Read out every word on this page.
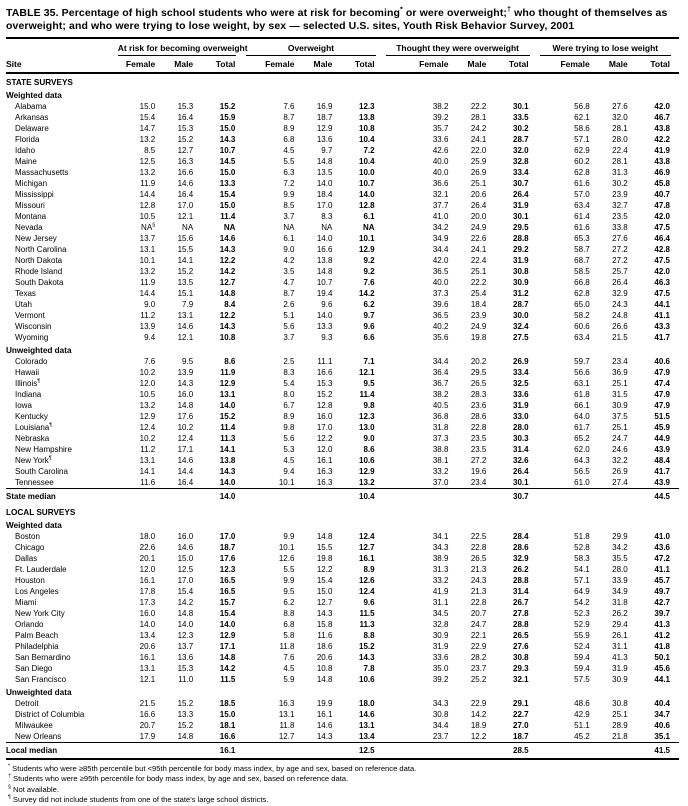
TABLE 35. Percentage of high school students who were at risk for becoming* or were overweight;† who thought of themselves as overweight; and who were trying to lose weight, by sex — selected U.S. sites, Youth Risk Behavior Survey, 2001

	At risk for becoming overweight			Overweight			Thought they were overweight			Were trying to lose weight		

Site	Female	Male	Total	Female	Male	Total	Female	Male	Total	Female	Male	Total
STATE SURVEYS												
Weighted data												
Alabama	15.0	15.3	15.2	7.6	16.9	12.3	38.2	22.2	30.1	56.8	27.6	42.0
Arkansas	15.4	16.4	15.9	8.7	18.7	13.8	39.2	28.1	33.5	62.1	32.0	46.7
Delaware	14.7	15.3	15.0	8.9	12.9	10.8	35.7	24.2	30.2	58.6	28.1	43.8
Florida	13.2	15.2	14.3	6.8	13.6	10.4	33.6	24.1	28.7	57.1	28.0	42.2
Idaho	8.5	12.7	10.7	4.5	9.7	7.2	42.6	22.0	32.0	62.9	22.4	41.9
Maine	12.5	16.3	14.5	5.5	14.8	10.4	40.0	25.9	32.8	60.2	28.1	43.8
Massachusetts	13.2	16.6	15.0	6.3	13.5	10.0	40.0	26.9	33.4	62.8	31.3	46.9
Michigan	11.9	14.6	13.3	7.2	14.0	10.7	36.6	25.1	30.7	61.6	30.2	45.8
Mississippi	14.4	16.4	15.4	9.9	18.4	14.0	32.1	20.6	26.4	57.0	23.9	40.7
Missouri	12.8	17.0	15.0	8.5	17.0	12.8	37.7	26.4	31.9	63.4	32.7	47.8
Montana	10.5	12.1	11.4	3.7	8.3	6.1	41.0	20.0	30.1	61.4	23.5	42.0
Nevada	NA§	NA	NA	NA	NA	NA	34.2	24.9	29.5	61.6	33.8	47.5
New Jersey	13.7	15.6	14.6	6.1	14.0	10.1	34.9	22.6	28.8	65.3	27.6	46.4
North Carolina	13.1	15.5	14.3	9.0	16.6	12.9	34.4	24.1	29.2	58.7	27.2	42.8
North Dakota	10.1	14.1	12.2	4.2	13.8	9.2	42.0	22.4	31.9	68.7	27.2	47.5
Rhode Island	13.2	15.2	14.2	3.5	14.8	9.2	36.5	25.1	30.8	58.5	25.7	42.0
South Dakota	11.9	13.5	12.7	4.7	10.7	7.6	40.0	22.2	30.9	66.8	26.4	46.3
Texas	14.4	15.1	14.8	8.7	19.4	14.2	37.3	25.4	31.2	62.8	32.9	47.5
Utah	9.0	7.9	8.4	2.6	9.6	6.2	39.6	18.4	28.7	65.0	24.3	44.1
Vermont	11.2	13.1	12.2	5.1	14.0	9.7	36.5	23.9	30.0	58.2	24.8	41.1
Wisconsin	13.9	14.6	14.3	5.6	13.3	9.6	40.2	24.9	32.4	60.6	26.6	43.3
Wyoming	9.4	12.1	10.8	3.7	9.3	6.6	35.6	19.8	27.5	63.4	21.5	41.7
Unweighted data												
Colorado	7.6	9.5	8.6	2.5	11.1	7.1	34.4	20.2	26.9	59.7	23.4	40.6
Hawaii	10.2	13.9	11.9	8.3	16.6	12.1	36.4	29.5	33.4	56.6	36.9	47.9
Illinois¶	12.0	14.3	12.9	5.4	15.3	9.5	36.7	26.5	32.5	63.1	25.1	47.4
Indiana	10.5	16.0	13.1	8.0	15.2	11.4	38.2	28.3	33.6	61.8	31.5	47.9
Iowa	13.2	14.8	14.0	6.7	12.8	9.8	40.5	23.6	31.9	66.1	30.9	47.9
Kentucky	12.9	17.6	15.2	8.9	16.0	12.3	36.8	28.6	33.0	64.0	37.5	51.5
Louisiana¶	12.4	10.2	11.4	9.8	17.0	13.0	31.8	22.8	28.0	61.7	25.1	45.9
Nebraska	10.2	12.4	11.3	5.6	12.2	9.0	37.3	23.5	30.3	65.2	24.7	44.9
New Hampshire	11.2	17.1	14.1	5.3	12.0	8.6	38.8	23.5	31.4	62.0	24.6	43.9
New York¶	13.1	14.6	13.8	4.5	16.1	10.6	38.1	27.2	32.6	64.3	32.2	48.4
South Carolina	14.1	14.4	14.3	9.4	16.3	12.9	33.2	19.6	26.4	56.5	26.9	41.7
Tennessee	11.6	16.4	14.0	10.1	16.3	13.2	37.0	23.4	30.1	61.0	27.4	43.9
State median			14.0			10.4			30.7			44.5
LOCAL SURVEYS												
Weighted data												
Boston	18.0	16.0	17.0	9.9	14.8	12.4	34.1	22.5	28.4	51.8	29.9	41.0
Chicago	22.6	14.6	18.7	10.1	15.5	12.7	34.3	22.8	28.6	52.8	34.2	43.6
Dallas	20.1	15.0	17.6	12.6	19.8	16.1	38.9	26.5	32.9	58.3	35.5	47.2
Ft. Lauderdale	12.0	12.5	12.3	5.5	12.2	8.9	31.3	21.3	26.2	54.1	28.0	41.1
Houston	16.1	17.0	16.5	9.9	15.4	12.6	33.2	24.3	28.8	57.1	33.9	45.7
Los Angeles	17.8	15.4	16.5	9.5	15.0	12.4	41.9	21.3	31.4	64.9	34.9	49.7
Miami	17.3	14.2	15.7	6.2	12.7	9.6	31.1	22.8	26.7	54.2	31.8	42.7
New York City	16.0	14.8	15.4	8.8	14.3	11.5	34.5	20.7	27.8	52.3	26.2	39.7
Orlando	14.0	14.0	14.0	6.8	15.8	11.3	32.8	24.7	28.8	52.9	29.4	41.3
Palm Beach	13.4	12.3	12.9	5.8	11.6	8.8	30.9	22.1	26.5	55.9	26.1	41.2
Philadelphia	20.6	13.7	17.1	11.8	18.6	15.2	31.9	22.9	27.6	52.4	31.1	41.8
San Bernardino	16.1	13.6	14.8	7.6	20.6	14.3	33.6	28.2	30.8	59.4	41.3	50.1
San Diego	13.1	15.3	14.2	4.5	10.8	7.8	35.0	23.7	29.3	59.4	31.9	45.6
San Francisco	12.1	11.0	11.5	5.9	14.8	10.6	39.2	25.2	32.1	57.5	30.9	44.1
Unweighted data												
Detroit	21.5	15.2	18.5	16.3	19.9	18.0	34.3	22.9	29.1	48.6	30.8	40.4
District of Columbia	16.6	13.3	15.0	13.1	16.1	14.6	30.8	14.2	22.7	42.9	25.1	34.7
Milwaukee	20.7	15.2	18.1	11.8	14.6	13.1	34.4	18.9	27.0	51.1	28.9	40.6
New Orleans	17.9	14.8	16.6	12.7	14.3	13.4	23.7	12.2	18.7	45.2	21.8	35.1
Local median			16.1			12.5			28.5			41.5
* Students who were ≥85th percentile but <95th percentile for body mass index, by age and sex, based on reference data.
† Students who were ≥95th percentile for body mass index, by age and sex, based on reference data.
§ Not available.
¶ Survey did not include students from one of the state's large school districts.
